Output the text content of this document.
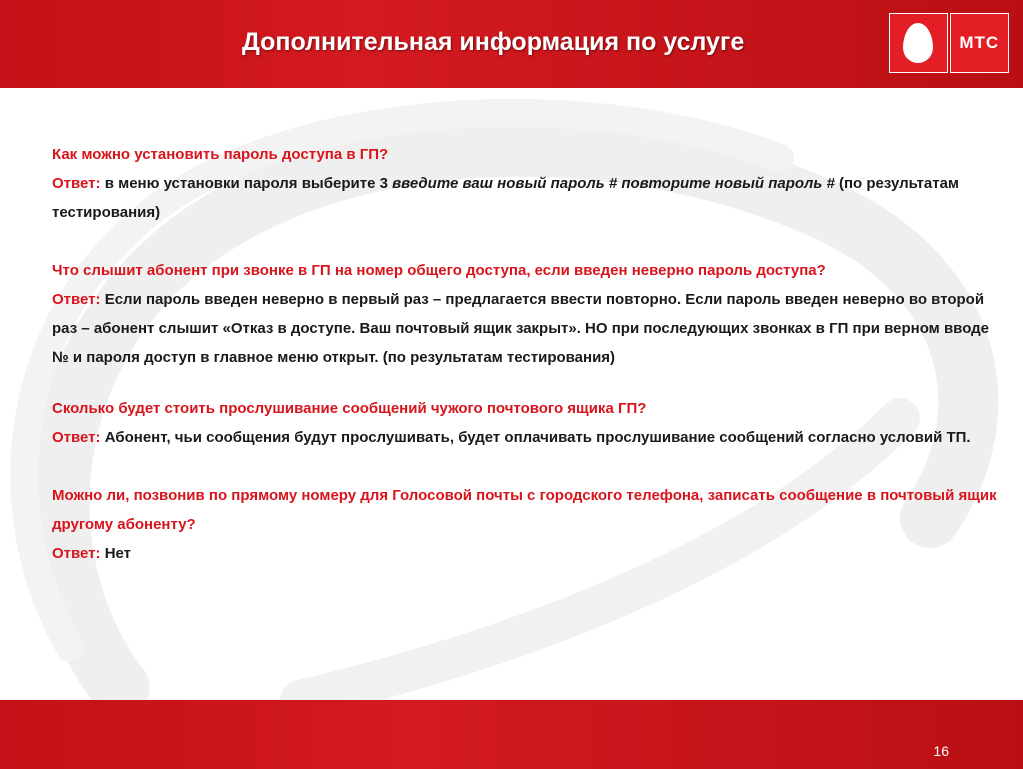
Дополнительная информация по услуге	МТС

Как можно установить пароль доступа в ГП?
Ответ: в меню установки пароля выберите 3 введите ваш новый пароль # повторите новый пароль # (по результатам тестирования)

Что слышит абонент при звонке в ГП на номер общего доступа, если введен неверно пароль доступа?
Ответ: Если пароль введен неверно в первый раз – предлагается ввести повторно. Если пароль введен неверно во второй раз – абонент слышит «Отказ в доступе. Ваш почтовый ящик закрыт». НО при последующих звонках в ГП при верном вводе № и пароля доступ в главное меню открыт. (по результатам тестирования)

Сколько будет стоить прослушивание сообщений чужого почтового ящика ГП?
Ответ: Абонент, чьи сообщения будут прослушивать, будет оплачивать прослушивание сообщений согласно условий ТП.

Можно ли, позвонив по прямому номеру для Голосовой почты с городского телефона, записать сообщение в почтовый ящик другому абоненту?
Ответ: Нет

16
